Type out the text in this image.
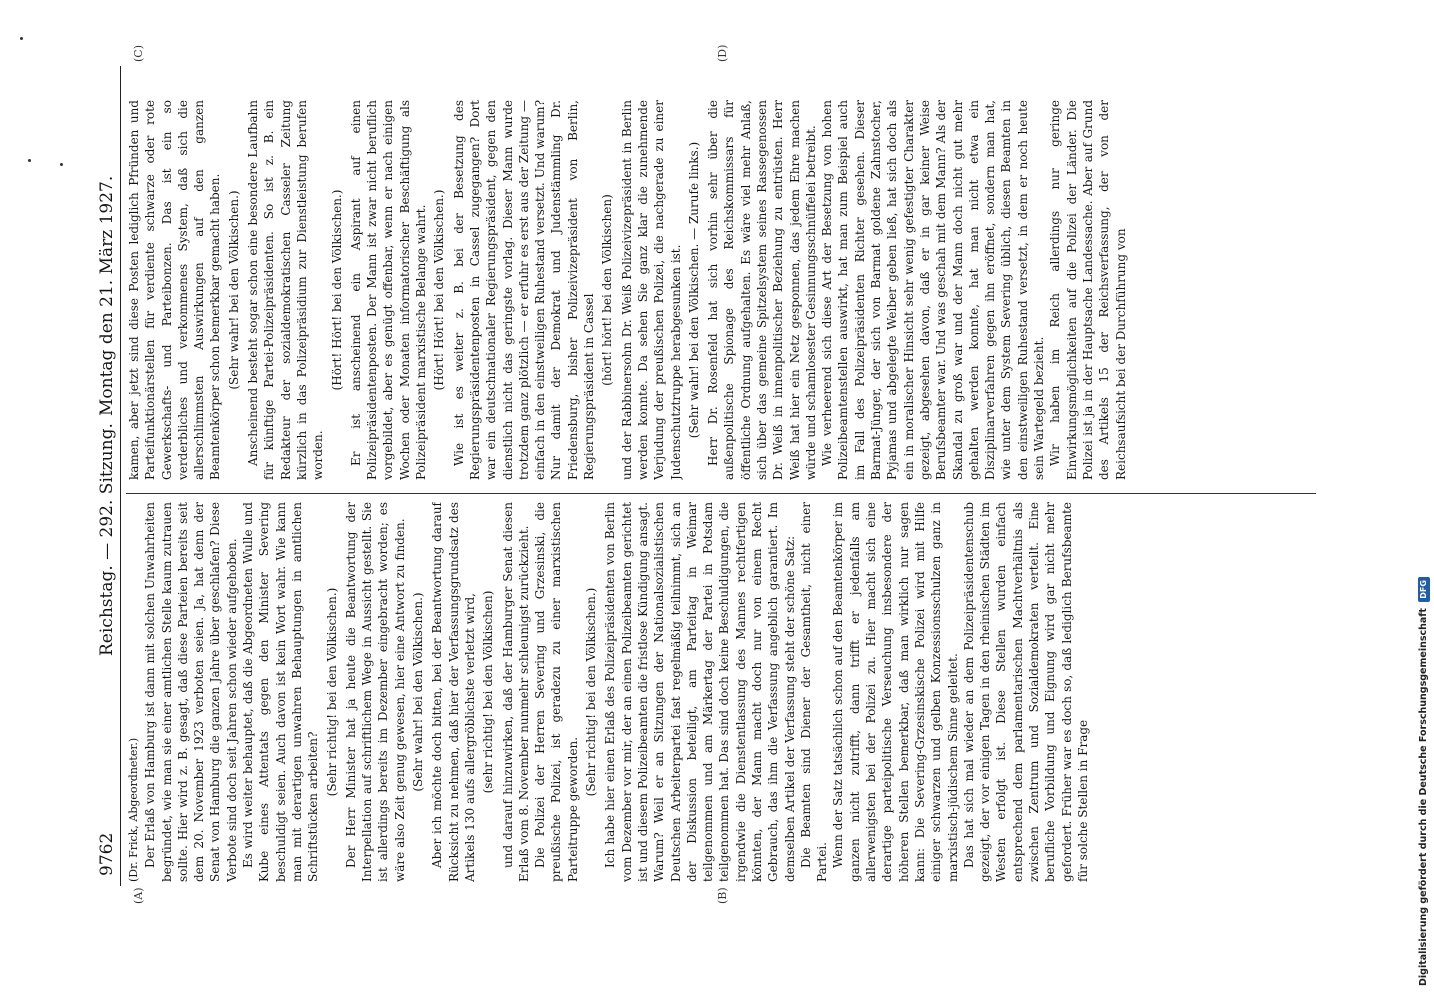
9762
Reichstag. — 292. Sitzung.
Montag den 21. März 1927.
(A)	(B)
(C)	(D)

(Dr. Frick, Abgeordneter.) Der Erlaß von Hamburg ist dann mit solchen Unwahrheiten begründet, wie man sie einer amtlichen Stelle kaum zutrauen sollte. Hier wird z. B. gesagt, daß diese Parteien bereits seit dem 20. November 1923 verboten seien. Ja, hat denn der Senat von Hamburg die ganzen Jahre über geschlafen? Diese Verbote sind doch seit Jahren schon wieder aufgehoben. Es wird weiter behauptet, daß die Abgeordneten Wulle und Kube eines Attentats gegen den Minister Severing beschuldigt seien. Auch davon ist kein Wort wahr. Wie kann man mit derartigen unwahren Behauptungen in amtlichen Schriftstücken arbeiten?

(Sehr richtig! bei den Völkischen.) Der Herr Minister hat ja heute die Beantwortung der Interpellation auf schriftlichem Wege in Aussicht gestellt. Sie ist allerdings bereits im Dezember eingebracht worden; es wäre also Zeit genug gewesen, hier eine Antwort zu finden. (Sehr wahr! bei den Völkischen.) Aber ich möchte doch bitten, bei der Beantwortung darauf Rücksicht zu nehmen, daß hier der Verfassungsgrundsatz des Artikels 130 aufs allergröblichste verletzt wird, (sehr richtig! bei den Völkischen) und darauf hinzuwirken, daß der Hamburger Senat diesen Erlaß vom 8. November nunmehr schleunigst zurückzieht. Die Polizei der Herren Severing und Grzesinski, die preußische Polizei, ist geradezu zu einer marxistischen Parteitruppe geworden.

(Sehr richtig! bei den Völkischen.) Ich habe hier einen Erlaß des Polizeipräsidenten von Berlin vom Dezember vor mir, der an einen Polizeibeamten gerichtet ist und diesem Polizeibeamten die fristlose Kündigung ansagt. Warum? Weil er an Sitzungen der Nationalsozialistischen Deutschen Arbeiterpartei fast regelmäßig teilnimmt, sich an der Diskussion beteiligt, am Parteitag in Weimar teilgenommen und am Märkertag der Partei in Potsdam teilgenommen hat. Das sind doch keine Beschuldigungen, die irgendwie die Dienstentlassung des Mannes rechtfertigen könnten, der Mann macht doch nur von einem Recht Gebrauch, das ihm die Verfassung angeblich garantiert. Im demselben Artikel der Verfassung steht der schöne Satz: Die Beamten sind Diener der Gesamtheit, nicht einer Partei. Wenn der Satz tatsächlich schon auf den Beamtenkörper im ganzen nicht zutrifft, dann trifft er jedenfalls am allerwenigsten bei der Polizei zu. Hier macht sich eine derartige parteipolitische Verseuchung insbesondere der höheren Stellen bemerkbar, daß man wirklich nur sagen kann: Die Severing-Grzesinskische Polizei wird mit Hilfe einiger schwarzen und gelben Konzessionsschulzen ganz in marxistisch-jüdischem Sinne geleitet. Das hat sich mal wieder an dem Polizeipräsidentenschub gezeigt, der vor einigen Tagen in den rheinischen Städten im Westen erfolgt ist. Diese Stellen wurden einfach entsprechend dem parlamentarischen Machtverhältnis als zwischen Zentrum und Sozialdemokraten verteilt. Eine berufliche Vorbildung und Eignung wird gar nicht mehr gefordert. Früher war es doch so, daß lediglich Berufsbeamte für solche Stellen in Frage

kamen, aber jetzt sind diese Posten lediglich Pfründen und Parteifunktionärstellen für verdiente schwarze oder rote Gewerkschafts- und Parteibonzen. Das ist ein so verderbliches und verkommenes System, daß sich die allerschlimmsten Auswirkungen auf den ganzen Beamtenkörper schon bemerkbar gemacht haben. (Sehr wahr! bei den Völkischen.) Anscheinend besteht sogar schon eine besondere Laufbahn für künftige Partei-Polizeipräsidenten. So ist z. B. ein Redakteur der sozialdemokratischen Casseler Zeitung kürzlich in das Polizeipräsidium zur Dienstleistung berufen worden.

(Hört! Hört! bei den Völkischen.) Er ist anscheinend ein Aspirant auf einen Polizeipräsidentenposten. Der Mann ist zwar nicht beruflich vorgebildet, aber es genügt offenbar, wenn er nach einigen Wochen oder Monaten informatorischer Beschäftigung als Polizeipräsident marxistische Belange wahrt. (Hört! Hört! bei den Völkischen.) Wie ist es weiter z. B. bei der Besetzung des Regierungspräsidentenposten in Cassel zugegangen? Dort war ein deutschnationaler Regierungspräsident, gegen den dienstlich nicht das geringste vorlag. Dieser Mann wurde trotzdem ganz plötzlich — er erfuhr es erst aus der Zeitung — einfach in den einstweiligen Ruhestand versetzt. Und warum? Nur damit der Demokrat und Judenstämmling Dr. Friedensburg, bisher Polizeivizepräsident von Berlin, Regierungspräsident in Cassel

(hört! hört! bei den Völkischen) und der Rabbinersohn Dr. Weiß Polizeivizepräsident in Berlin werden konnte. Da sehen Sie ganz klar die zunehmende Verjudung der preußischen Polizei, die nachgerade zu einer Judenschutztruppe herabgesunken ist. (Sehr wahr! bei den Völkischen. — Zurufe links.) Herr Dr. Rosenfeld hat sich vorhin sehr über die außenpolitische Spionage des Reichskommissars für öffentliche Ordnung aufgehalten. Es wäre viel mehr Anlaß, sich über das gemeine Spitzelsystem seines Rassegenossen Dr. Weiß in innenpolitischer Beziehung zu entrüsten. Herr Weiß hat hier ein Netz gesponnen, das jedem Ehre machen würde und schamlosester Gesinnungsschnüffelei betreibt. Wie verheerend sich diese Art der Besetzung von hohen Polizeibeamtenstellen auswirkt, hat man zum Beispiel auch im Fall des Polizeipräsidenten Richter gesehen. Dieser Barmat-Jünger, der sich von Barmat goldene Zahnstocher, Pyjamas und abgelegte Weiber geben ließ, hat sich doch als ein in moralischer Hinsicht sehr wenig gefestigter Charakter gezeigt, abgesehen davon, daß er in gar keiner Weise Berufsbeamter war. Und was geschah mit dem Mann? Als der Skandal zu groß war und der Mann doch nicht gut mehr gehalten werden konnte, hat man nicht etwa ein Disziplinarverfahren gegen ihn eröffnet, sondern man hat, wie unter dem System Severing üblich, diesen Beamten in den einstweiligen Ruhestand versetzt, in dem er noch heute sein Wartegeld bezieht. Wir haben im Reich allerdings nur geringe Einwirkungsmöglichkeiten auf die Polizei der Länder. Die Polizei ist ja in der Hauptsache Landessache. Aber auf Grund des Artikels 15 der Reichsverfassung, der von der Reichsaufsicht bei der Durchführung von

Digitalisierung gefördert durch die Deutsche Forschungsgemeinschaft DFG
